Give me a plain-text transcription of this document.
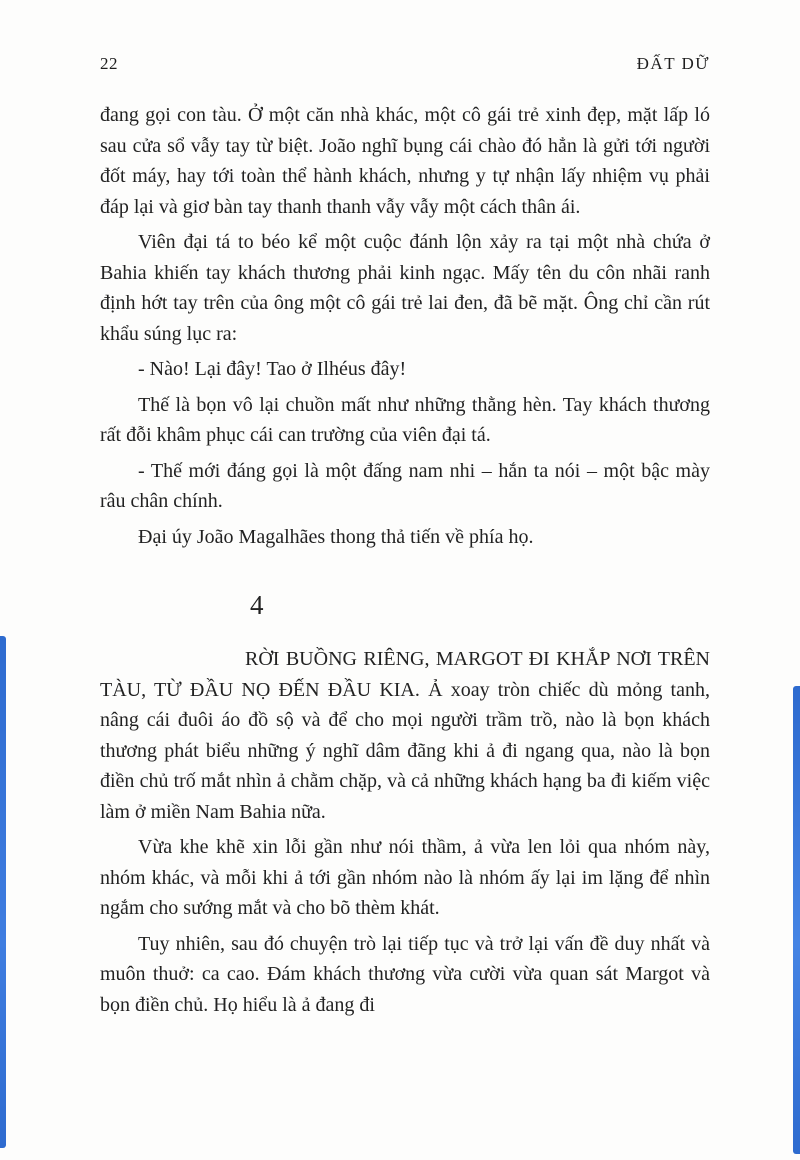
22	ĐẤT DỮ

đang gọi con tàu. Ở một căn nhà khác, một cô gái trẻ xinh đẹp, mặt lấp ló sau cửa sổ vẫy tay từ biệt. João nghĩ bụng cái chào đó hẳn là gửi tới người đốt máy, hay tới toàn thể hành khách, nhưng y tự nhận lấy nhiệm vụ phải đáp lại và giơ bàn tay thanh thanh vẫy vẫy một cách thân ái.

Viên đại tá to béo kể một cuộc đánh lộn xảy ra tại một nhà chứa ở Bahia khiến tay khách thương phải kinh ngạc. Mấy tên du côn nhãi ranh định hớt tay trên của ông một cô gái trẻ lai đen, đã bẽ mặt. Ông chỉ cần rút khẩu súng lục ra:

- Nào! Lại đây! Tao ở Ilhéus đây!

Thế là bọn vô lại chuồn mất như những thằng hèn. Tay khách thương rất đỗi khâm phục cái can trường của viên đại tá.

- Thế mới đáng gọi là một đấng nam nhi – hắn ta nói – một bậc mày râu chân chính.

Đại úy João Magalhães thong thả tiến về phía họ.

4

RỜI BUỒNG RIÊNG, MARGOT ĐI KHẮP NƠI TRÊN TÀU, TỪ ĐẦU NỌ ĐẾN ĐẦU KIA. Ả xoay tròn chiếc dù mỏng tanh, nâng cái đuôi áo đồ sộ và để cho mọi người trầm trồ, nào là bọn khách thương phát biểu những ý nghĩ dâm đãng khi ả đi ngang qua, nào là bọn điền chủ trố mắt nhìn ả chằm chặp, và cả những khách hạng ba đi kiếm việc làm ở miền Nam Bahia nữa.

Vừa khe khẽ xin lỗi gần như nói thầm, ả vừa len lỏi qua nhóm này, nhóm khác, và mỗi khi ả tới gần nhóm nào là nhóm ấy lại im lặng để nhìn ngắm cho sướng mắt và cho bõ thèm khát.

Tuy nhiên, sau đó chuyện trò lại tiếp tục và trở lại vấn đề duy nhất và muôn thuở: ca cao. Đám khách thương vừa cười vừa quan sát Margot và bọn điền chủ. Họ hiểu là ả đang đi
